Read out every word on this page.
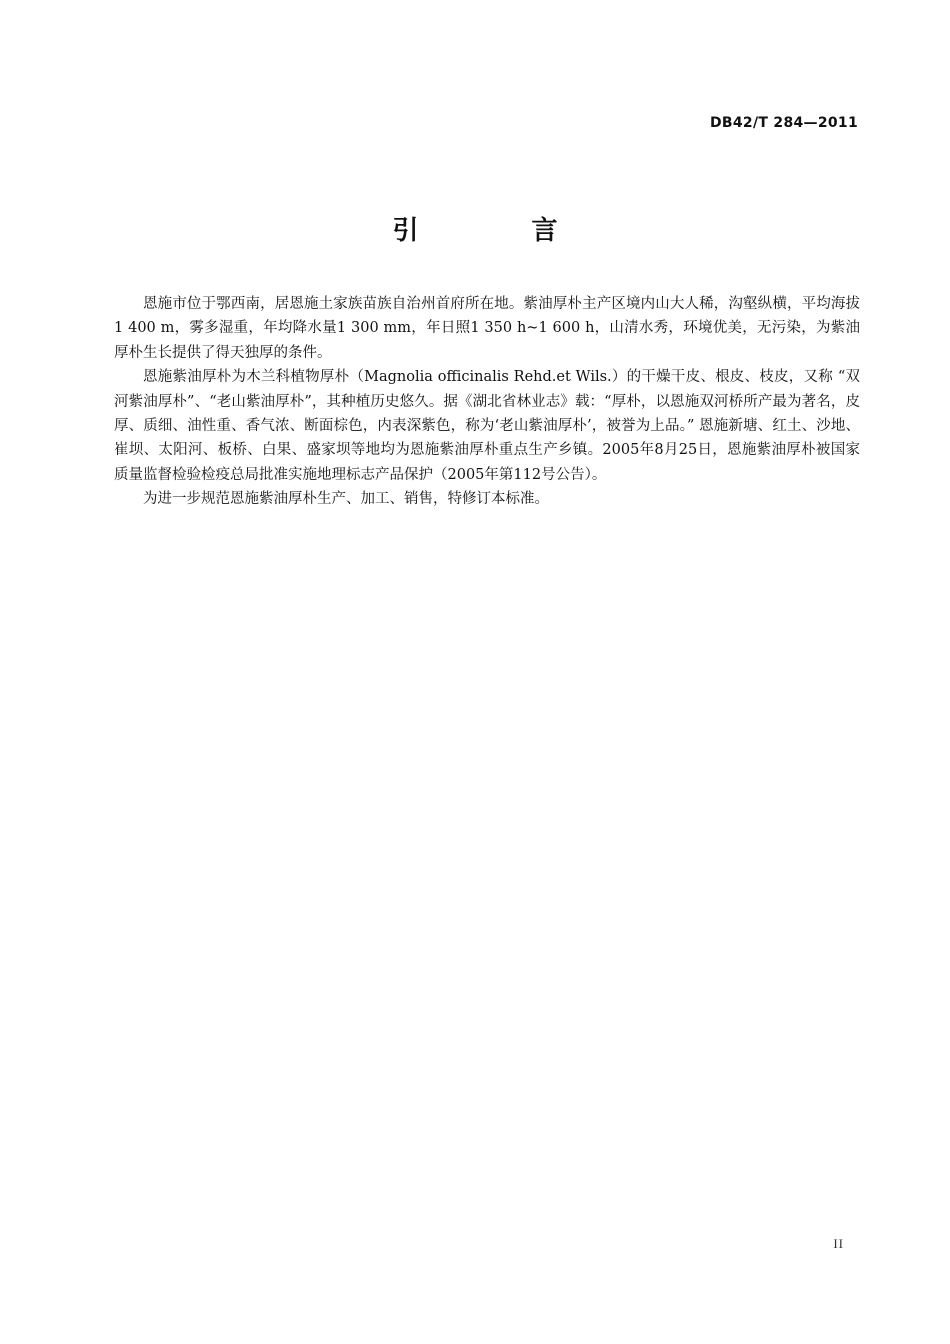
DB42/T 284—2011
引 言

恩施市位于鄂西南，居恩施土家族苗族自治州首府所在地。紫油厚朴主产区境内山大人稀，沟壑纵横，平均海拔1 400 m，雾多湿重，年均降水量1 300 mm，年日照1 350 h~1 600 h，山清水秀，环境优美，无污染，为紫油厚朴生长提供了得天独厚的条件。

恩施紫油厚朴为木兰科植物厚朴（Magnolia officinalis Rehd.et Wils.）的干燥干皮、根皮、枝皮，又称 “双河紫油厚朴”、“老山紫油厚朴”，其种植历史悠久。据《湖北省林业志》载：“厚朴，以恩施双河桥所产最为著名，皮厚、质细、油性重、香气浓、断面棕色，内表深紫色，称为‘老山紫油厚朴’，被誉为上品。” 恩施新塘、红土、沙地、崔坝、太阳河、板桥、白果、盛家坝等地均为恩施紫油厚朴重点生产乡镇。2005年8月25日，恩施紫油厚朴被国家质量监督检验检疫总局批准实施地理标志产品保护（2005年第112号公告）。

为进一步规范恩施紫油厚朴生产、加工、销售，特修订本标准。

II
